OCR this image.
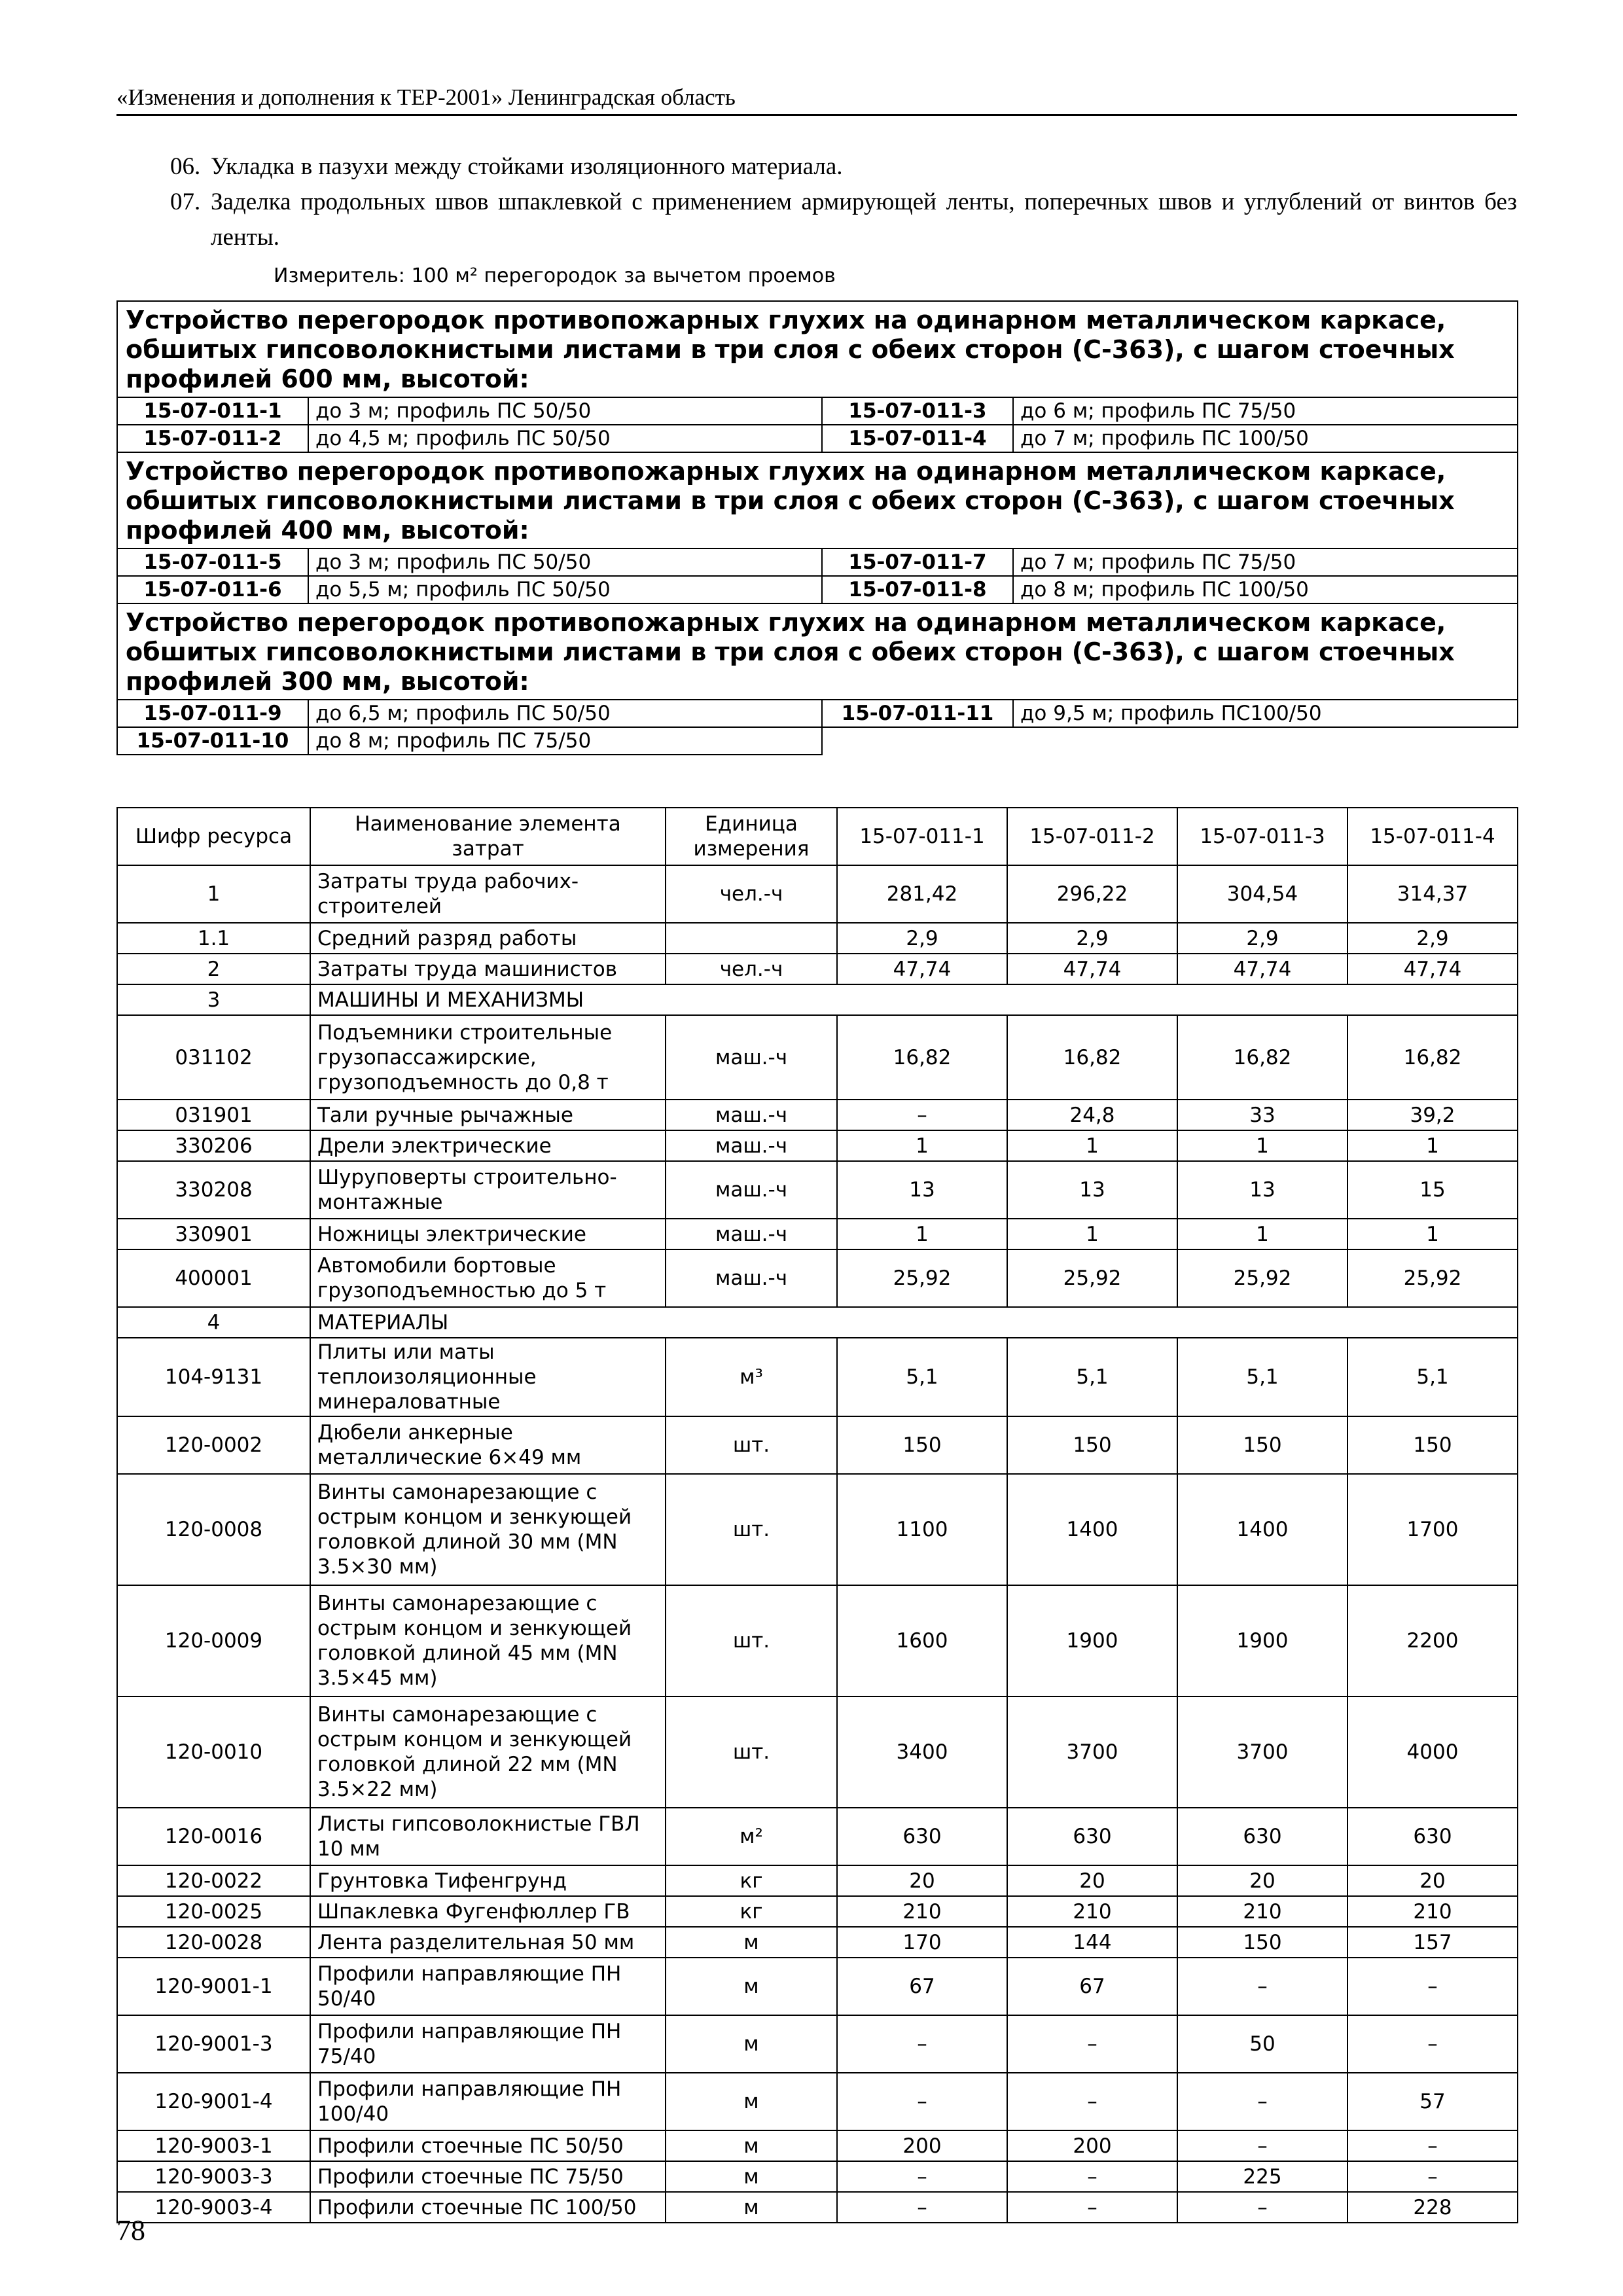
«Изменения и дополнения к ТЕР-2001» Ленинградская область
06. Укладка в пазухи между стойками изоляционного материала.
07. Заделка продольных швов шпаклевкой с применением армирующей ленты, поперечных швов и углублений от винтов без ленты.
Измеритель: 100 м² перегородок за вычетом проемов
Устройство перегородок противопожарных глухих на одинарном металлическом каркасе, обшитых гипсоволокнистыми листами в три слоя с обеих сторон (С-363), с шагом стоечных профилей 600 мм, высотой:			
15-07-011-1	до 3 м; профиль ПС 50/50	15-07-011-3	до 6 м; профиль ПС 75/50
15-07-011-2	до 4,5 м; профиль ПС 50/50	15-07-011-4	до 7 м; профиль ПС 100/50
Устройство перегородок противопожарных глухих на одинарном металлическом каркасе, обшитых гипсоволокнистыми листами в три слоя с обеих сторон (С-363), с шагом стоечных профилей 400 мм, высотой:			
15-07-011-5	до 3 м; профиль ПС 50/50	15-07-011-7	до 7 м; профиль ПС 75/50
15-07-011-6	до 5,5 м; профиль ПС 50/50	15-07-011-8	до 8 м; профиль ПС 100/50
Устройство перегородок противопожарных глухих на одинарном металлическом каркасе, обшитых гипсоволокнистыми листами в три слоя с обеих сторон (С-363), с шагом стоечных профилей 300 мм, высотой:			
15-07-011-9	до 6,5 м; профиль ПС 50/50	15-07-011-11	до 9,5 м; профиль ПС100/50
15-07-011-10	до 8 м; профиль ПС 75/50		
Шифр ресурса	Наименование элемента затрат	Единица измерения	15-07-011-1	15-07-011-2	15-07-011-3	15-07-011-4
1	Затраты труда рабочих-строителей	чел.-ч	281,42	296,22	304,54	314,37
1.1	Средний разряд работы		2,9	2,9	2,9	2,9
2	Затраты труда машинистов	чел.-ч	47,74	47,74	47,74	47,74
3	МАШИНЫ И МЕХАНИЗМЫ					
031102	Подъемники строительные грузопассажирские, грузоподъемность до 0,8 т	маш.-ч	16,82	16,82	16,82	16,82
031901	Тали ручные рычажные	маш.-ч	–	24,8	33	39,2
330206	Дрели электрические	маш.-ч	1	1	1	1
330208	Шуруповерты строительно-монтажные	маш.-ч	13	13	13	15
330901	Ножницы электрические	маш.-ч	1	1	1	1
400001	Автомобили бортовые грузоподъемностью до 5 т	маш.-ч	25,92	25,92	25,92	25,92
4	МАТЕРИАЛЫ					
104-9131	Плиты или маты теплоизоляционные минераловатные	м³	5,1	5,1	5,1	5,1
120-0002	Дюбели анкерные металлические 6×49 мм	шт.	150	150	150	150
120-0008	Винты самонарезающие с острым концом и зенкующей головкой длиной 30 мм (MN 3.5×30 мм)	шт.	1100	1400	1400	1700
120-0009	Винты самонарезающие с острым концом и зенкующей головкой длиной 45 мм (MN 3.5×45 мм)	шт.	1600	1900	1900	2200
120-0010	Винты самонарезающие с острым концом и зенкующей головкой длиной 22 мм (MN 3.5×22 мм)	шт.	3400	3700	3700	4000
120-0016	Листы гипсоволокнистые ГВЛ 10 мм	м²	630	630	630	630
120-0022	Грунтовка Тифенгрунд	кг	20	20	20	20
120-0025	Шпаклевка Фугенфюллер ГВ	кг	210	210	210	210
120-0028	Лента разделительная 50 мм	м	170	144	150	157
120-9001-1	Профили направляющие ПН 50/40	м	67	67	–	–
120-9001-3	Профили направляющие ПН 75/40	м	–	–	50	–
120-9001-4	Профили направляющие ПН 100/40	м	–	–	–	57
120-9003-1	Профили стоечные ПС 50/50	м	200	200	–	–
120-9003-3	Профили стоечные ПС 75/50	м	–	–	225	–
120-9003-4	Профили стоечные ПС 100/50	м	–	–	–	228
78
